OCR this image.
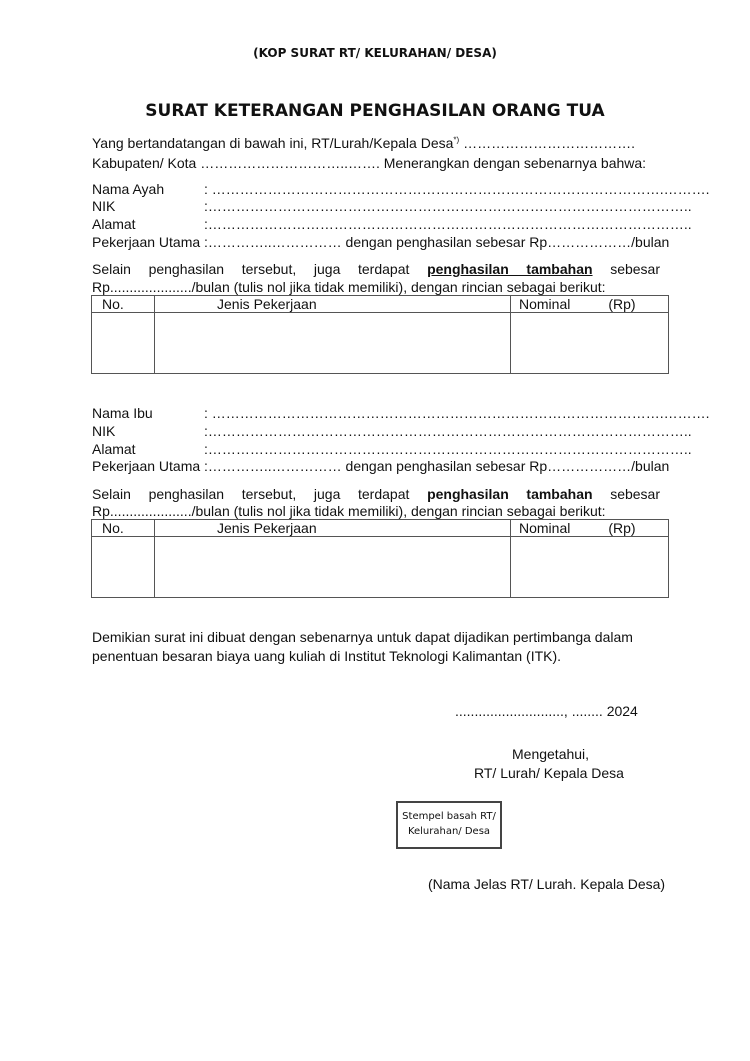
(KOP SURAT RT/ KELURAHAN/ DESA)
SURAT KETERANGAN PENGHASILAN ORANG TUA
Yang bertandatangan di bawah ini, RT/Lurah/Kepala Desa*) ……………………………….
Kabupaten/ Kota …………………………..……. Menerangkan dengan sebenarnya bahwa:
Nama Ayah	: …………………………………………………………………………………….……….
NIK	:…………………………………………………………………………………………..
Alamat	:…………………………………………………………………………………………..
Pekerjaan Utama :…………..…………… dengan penghasilan sebesar Rp………………/bulan
Selain penghasilan tersebut, juga terdapat penghasilan tambahan sebesar
Rp...................../bulan (tulis nol jika tidak memiliki), dengan rincian sebagai berikut:
No.	Jenis Pekerjaan	Nominal (Rp)

Nama Ibu	: …………………………………………………………………………………….……….
NIK	:…………………………………………………………………………………………..
Alamat	:…………………………………………………………………………………………..
Pekerjaan Utama :…………..…………… dengan penghasilan sebesar Rp………………/bulan
Selain penghasilan tersebut, juga terdapat penghasilan tambahan sebesar
Rp...................../bulan (tulis nol jika tidak memiliki), dengan rincian sebagai berikut:
No.	Jenis Pekerjaan	Nominal (Rp)

Demikian surat ini dibuat dengan sebenarnya untuk dapat dijadikan pertimbanga dalam
penentuan besaran biaya uang kuliah di Institut Teknologi Kalimantan (ITK).
............................, ........ 2024
Mengetahui,
RT/ Lurah/ Kepala Desa
Stempel basah RT/
Kelurahan/ Desa
(Nama Jelas RT/ Lurah. Kepala Desa)
